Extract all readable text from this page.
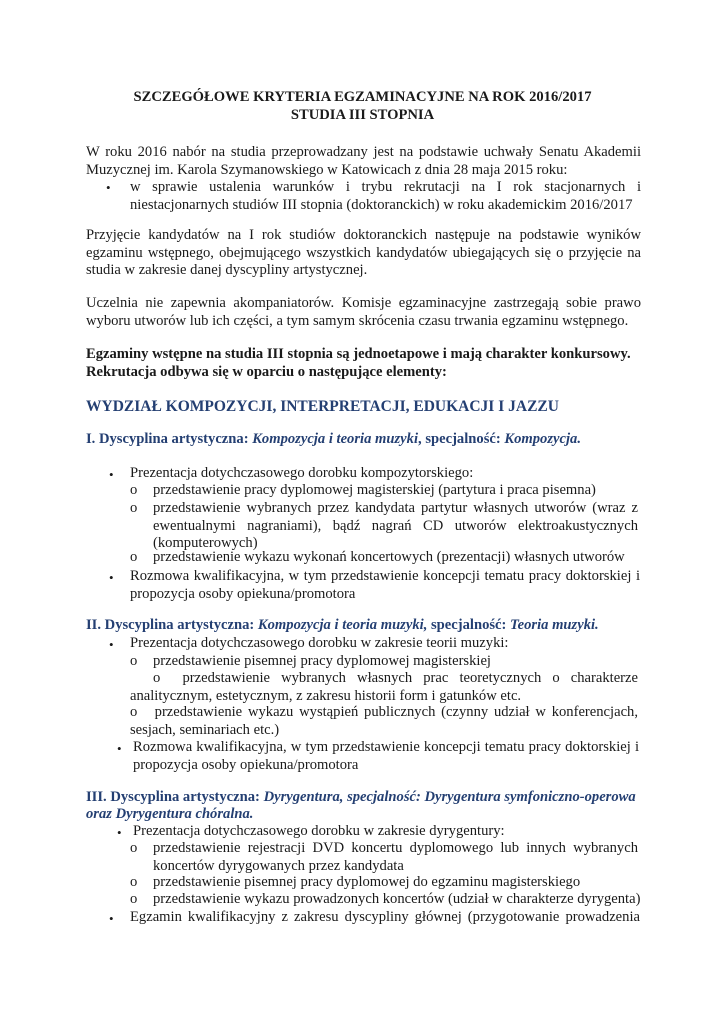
SZCZEGÓŁOWE KRYTERIA EGZAMINACYJNE NA ROK 2016/2017

STUDIA III STOPNIA

W roku 2016 nabór na studia przeprowadzany jest na podstawie uchwały Senatu Akademii Muzycznej im. Karola Szymanowskiego w Katowicach z dnia 28 maja 2015 roku:

• w sprawie ustalenia warunków i trybu rekrutacji na I rok stacjonarnych i niestacjonarnych studiów III stopnia (doktoranckich) w roku akademickim 2016/2017

Przyjęcie kandydatów na I rok studiów doktoranckich następuje na podstawie wyników egzaminu wstępnego, obejmującego wszystkich kandydatów ubiegających się o przyjęcie na studia w zakresie danej dyscypliny artystycznej.

Uczelnia nie zapewnia akompaniatorów. Komisje egzaminacyjne zastrzegają sobie prawo wyboru utworów lub ich części, a tym samym skrócenia czasu trwania egzaminu wstępnego.

Egzaminy wstępne na studia III stopnia są jednoetapowe i mają charakter konkursowy.

Rekrutacja odbywa się w oparciu o następujące elementy:

WYDZIAŁ KOMPOZYCJI, INTERPRETACJI, EDUKACJI I JAZZU

I. Dyscyplina artystyczna: Kompozycja i teoria muzyki, specjalność: Kompozycja.

• Prezentacja dotychczasowego dorobku kompozytorskiego:

o przedstawienie pracy dyplomowej magisterskiej (partytura i praca pisemna)

o przedstawienie wybranych przez kandydata partytur własnych utworów (wraz z ewentualnymi nagraniami), bądź nagrań CD utworów elektroakustycznych (komputerowych)

o przedstawienie wykazu wykonań koncertowych (prezentacji) własnych utworów

• Rozmowa kwalifikacyjna, w tym przedstawienie koncepcji tematu pracy doktorskiej i propozycja osoby opiekuna/promotora

II. Dyscyplina artystyczna: Kompozycja i teoria muzyki, specjalność: Teoria muzyki.

• Prezentacja dotychczasowego dorobku w zakresie teorii muzyki:

o przedstawienie pisemnej pracy dyplomowej magisterskiej

o przedstawienie wybranych własnych prac teoretycznych o charakterze analitycznym, estetycznym, z zakresu historii form i gatunków etc.

o przedstawienie wykazu wystąpień publicznych (czynny udział w konferencjach, sesjach, seminariach etc.)

• Rozmowa kwalifikacyjna, w tym przedstawienie koncepcji tematu pracy doktorskiej i propozycja osoby opiekuna/promotora

III. Dyscyplina artystyczna: Dyrygentura, specjalność: Dyrygentura symfoniczno-operowa

oraz Dyrygentura chóralna.

• Prezentacja dotychczasowego dorobku w zakresie dyrygentury:

o przedstawienie rejestracji DVD koncertu dyplomowego lub innych wybranych koncertów dyrygowanych przez kandydata

o przedstawienie pisemnej pracy dyplomowej do egzaminu magisterskiego

o przedstawienie wykazu prowadzonych koncertów (udział w charakterze dyrygenta)

• Egzamin kwalifikacyjny z zakresu dyscypliny głównej (przygotowanie prowadzenia
